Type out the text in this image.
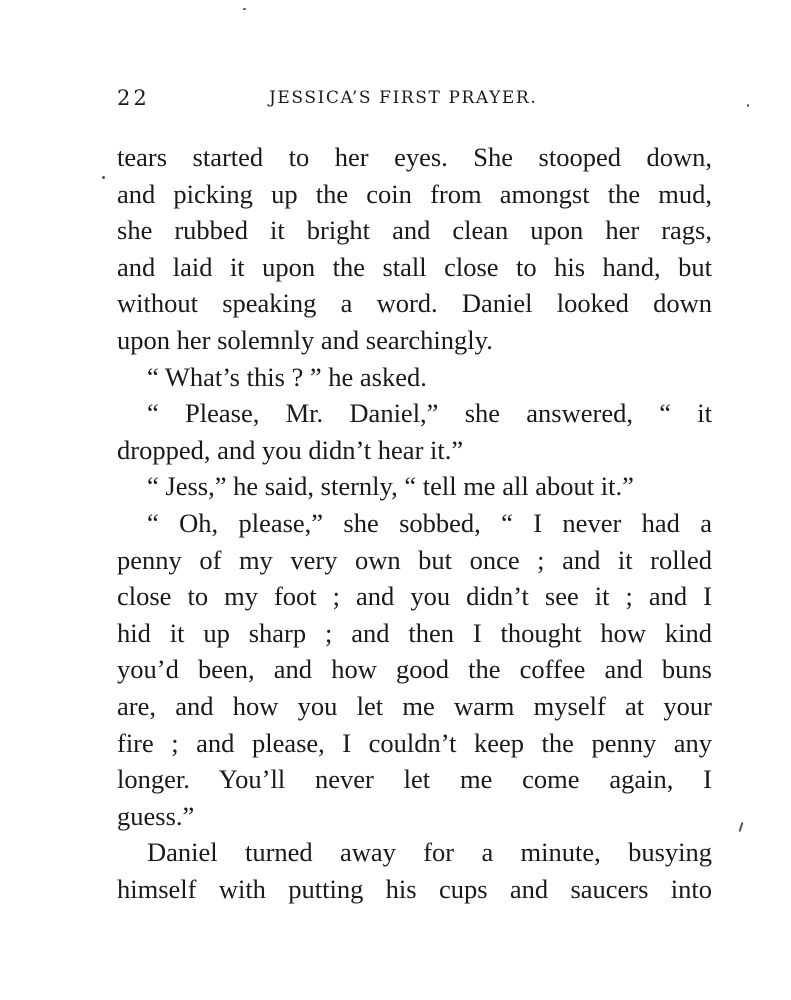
22	JESSICA’S FIRST PRAYER.
tears started to her eyes. She stooped down,
and picking up the coin from amongst the mud,
she rubbed it bright and clean upon her rags,
and laid it upon the stall close to his hand, but
without speaking a word. Daniel looked down
upon her solemnly and searchingly.
“ What’s this ? ” he asked.
“ Please, Mr. Daniel,” she answered, “ it
dropped, and you didn’t hear it.”
“ Jess,” he said, sternly, “ tell me all about it.”
“ Oh, please,” she sobbed, “ I never had a
penny of my very own but once ; and it rolled
close to my foot ; and you didn’t see it ; and I
hid it up sharp ; and then I thought how kind
you’d been, and how good the coffee and buns
are, and how you let me warm myself at your
fire ; and please, I couldn’t keep the penny any
longer. You’ll never let me come again, I
guess.”
Daniel turned away for a minute, busying
himself with putting his cups and saucers into
